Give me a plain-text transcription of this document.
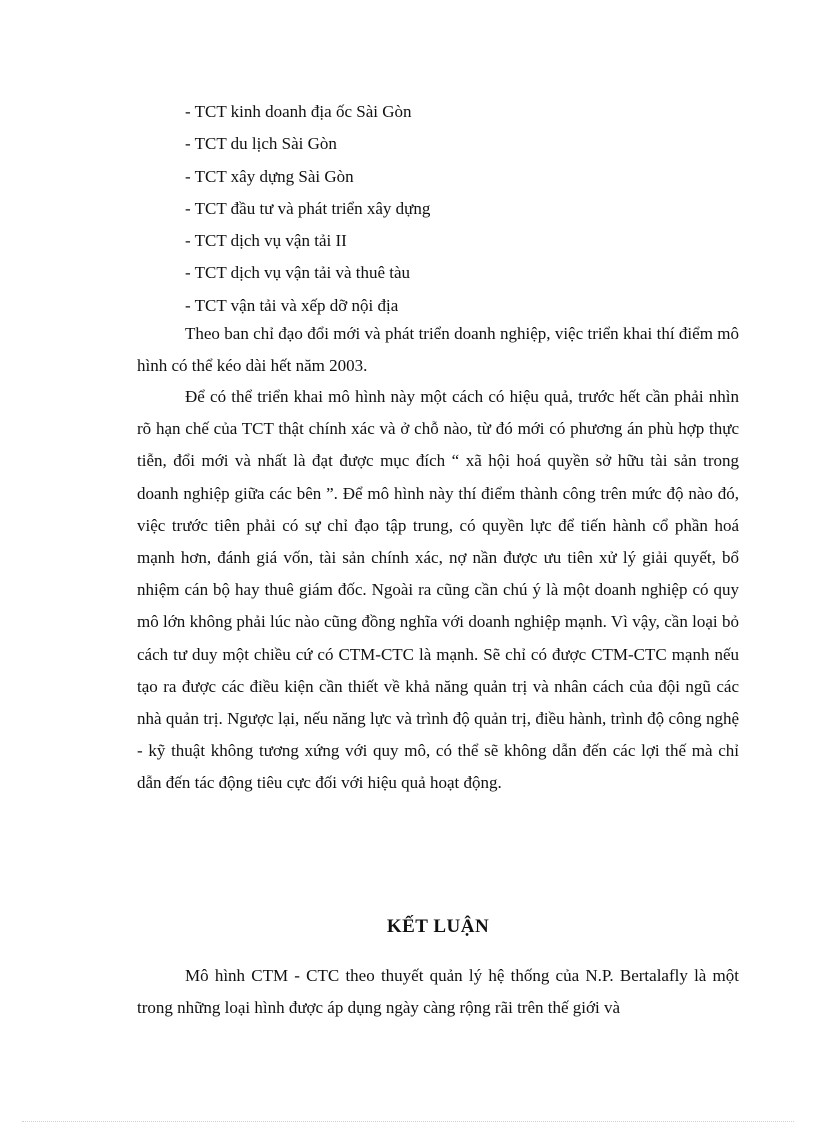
- TCT kinh doanh địa ốc Sài Gòn
- TCT du lịch Sài Gòn
- TCT xây dựng Sài Gòn
- TCT đầu tư và phát triển xây dựng
- TCT dịch vụ vận tải II
- TCT dịch vụ vận tải và thuê tàu
- TCT vận tải và xếp dỡ nội địa

Theo ban chỉ đạo đổi mới và phát triển doanh nghiệp, việc triển khai thí điểm mô hình có thể kéo dài hết năm 2003.

Để có thể triển khai mô hình này một cách có hiệu quả, trước hết cần phải nhìn rõ hạn chế của TCT thật chính xác và ở chỗ nào, từ đó mới có phương án phù hợp thực tiễn, đổi mới và nhất là đạt được mục đích “ xã hội hoá quyền sở hữu tài sản trong doanh nghiệp giữa các bên ”. Để mô hình này thí điểm thành công trên mức độ nào đó, việc trước tiên phải có sự chỉ đạo tập trung, có quyền lực để tiến hành cổ phần hoá mạnh hơn, đánh giá vốn, tài sản chính xác, nợ nần được ưu tiên xử lý giải quyết, bổ nhiệm cán bộ hay thuê giám đốc. Ngoài ra cũng cần chú ý là một doanh nghiệp có quy mô lớn không phải lúc nào cũng đồng nghĩa với doanh nghiệp mạnh. Vì vậy, cần loại bỏ cách tư duy một chiều cứ có CTM-CTC là mạnh. Sẽ chỉ có được CTM-CTC mạnh nếu tạo ra được các điều kiện cần thiết về khả năng quản trị và nhân cách của đội ngũ các nhà quản trị. Ngược lại, nếu năng lực và trình độ quản trị, điều hành, trình độ công nghệ - kỹ thuật không tương xứng với quy mô, có thể sẽ không dẫn đến các lợi thế mà chỉ dẫn đến tác động tiêu cực đối với hiệu quả hoạt động.

KẾT LUẬN

Mô hình CTM - CTC theo thuyết quản lý hệ thống của N.P. Bertalafly là một trong những loại hình được áp dụng ngày càng rộng rãi trên thế giới và
